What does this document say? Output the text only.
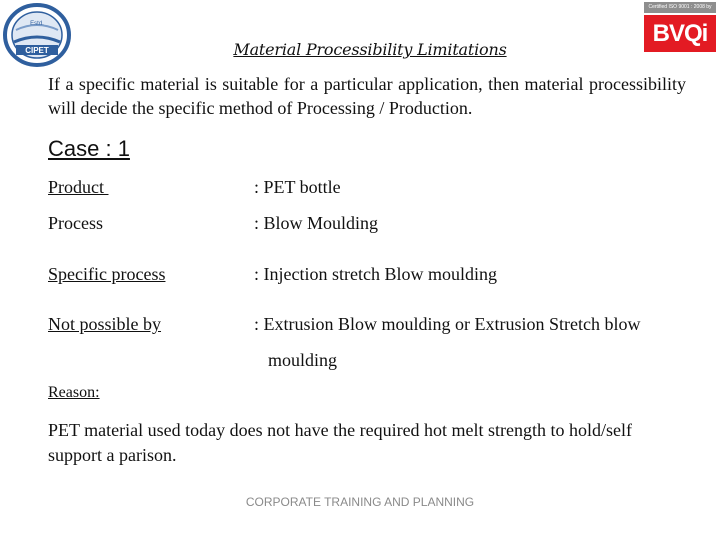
Estd.
CIPET
Certified ISO 9001 : 2008 by
BVQi
Material Processibility Limitations
If a specific material is suitable for a particular application, then material processibility will decide the specific method of Processing / Production.
Case : 1
Product	: PET bottle
Process	: Blow Moulding
Specific process	: Injection stretch Blow moulding
Not possible by	: Extrusion Blow moulding or Extrusion Stretch blow
moulding
Reason:
PET material used today does not have the required hot melt strength to hold/self support a parison.
CORPORATE TRAINING AND PLANNING
